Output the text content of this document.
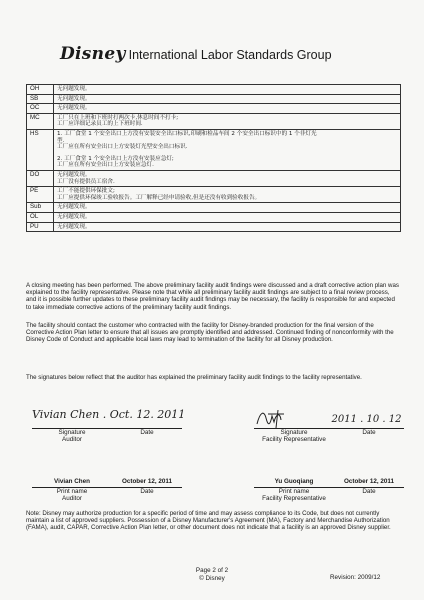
Disney International Labor Standards Group
OH	无问题发现。

SB	无问题发现。

OC	无问题发现。

MC	工厂只在上班和下班时打两次卡,休息时间不打卡;
工厂应详细记录员工的上下班时间.

HS	1. 工厂食堂 1 个安全出口上方没有安装安全出口标识,印刷和检品车间 2 个安全出口标识中的 1 个非灯光
型.
工厂应在所有安全出口上方安装灯光型安全出口标识.
2. 工厂食堂 1 个安全出口上方没有安装应急灯;
工厂应在所有安全出口上方安装应急灯.

DO	无问题发现。
工厂没有提供员工宿舍.

PE	工厂不能提供环保批文;
工厂应提供环保竣工验收报告。工厂解释已经申请验收,但是还没有收到验收报告。

Sub	无问题发现。

OL	无问题发现。

PU	无问题发现。
A closing meeting has been performed. The above preliminary facility audit findings were discussed and a draft corrective action plan was explained to the facility representative. Please note that while all preliminary facility audit findings are subject to a final review process, and it is possible further updates to these preliminary facility audit findings may be necessary, the facility is responsible for and expected to take immediate corrective actions of the preliminary facility audit findings.
The facility should contact the customer who contracted with the facility for Disney-branded production for the final version of the Corrective Action Plan letter to ensure that all issues are promptly identified and addressed. Continued finding of nonconformity with the Disney Code of Conduct and applicable local laws may lead to termination of the facility for all Disney production.
The signatures below reflect that the auditor has explained the preliminary facility audit findings to the facility representative.
Vivian Chen . Oct. 12. 2011
Signature
Auditor
Date
2011 . 10 . 12
Signature
Facility Representative
Date
Vivian Chen	October 12, 2011
Print name
Auditor
Date
Yu Guoqiang	October 12, 2011
Print name
Facility Representative
Date
Note: Disney may authorize production for a specific period of time and may assess compliance to its Code, but does not currently maintain a list of approved suppliers. Possession of a Disney Manufacturer's Agreement (MA), Factory and Merchandise Authorization (FAMA), audit, CAPAR, Corrective Action Plan letter, or other document does not indicate that a facility is an approved Disney supplier.
Page 2 of 2
© Disney	Revision: 2009/12
